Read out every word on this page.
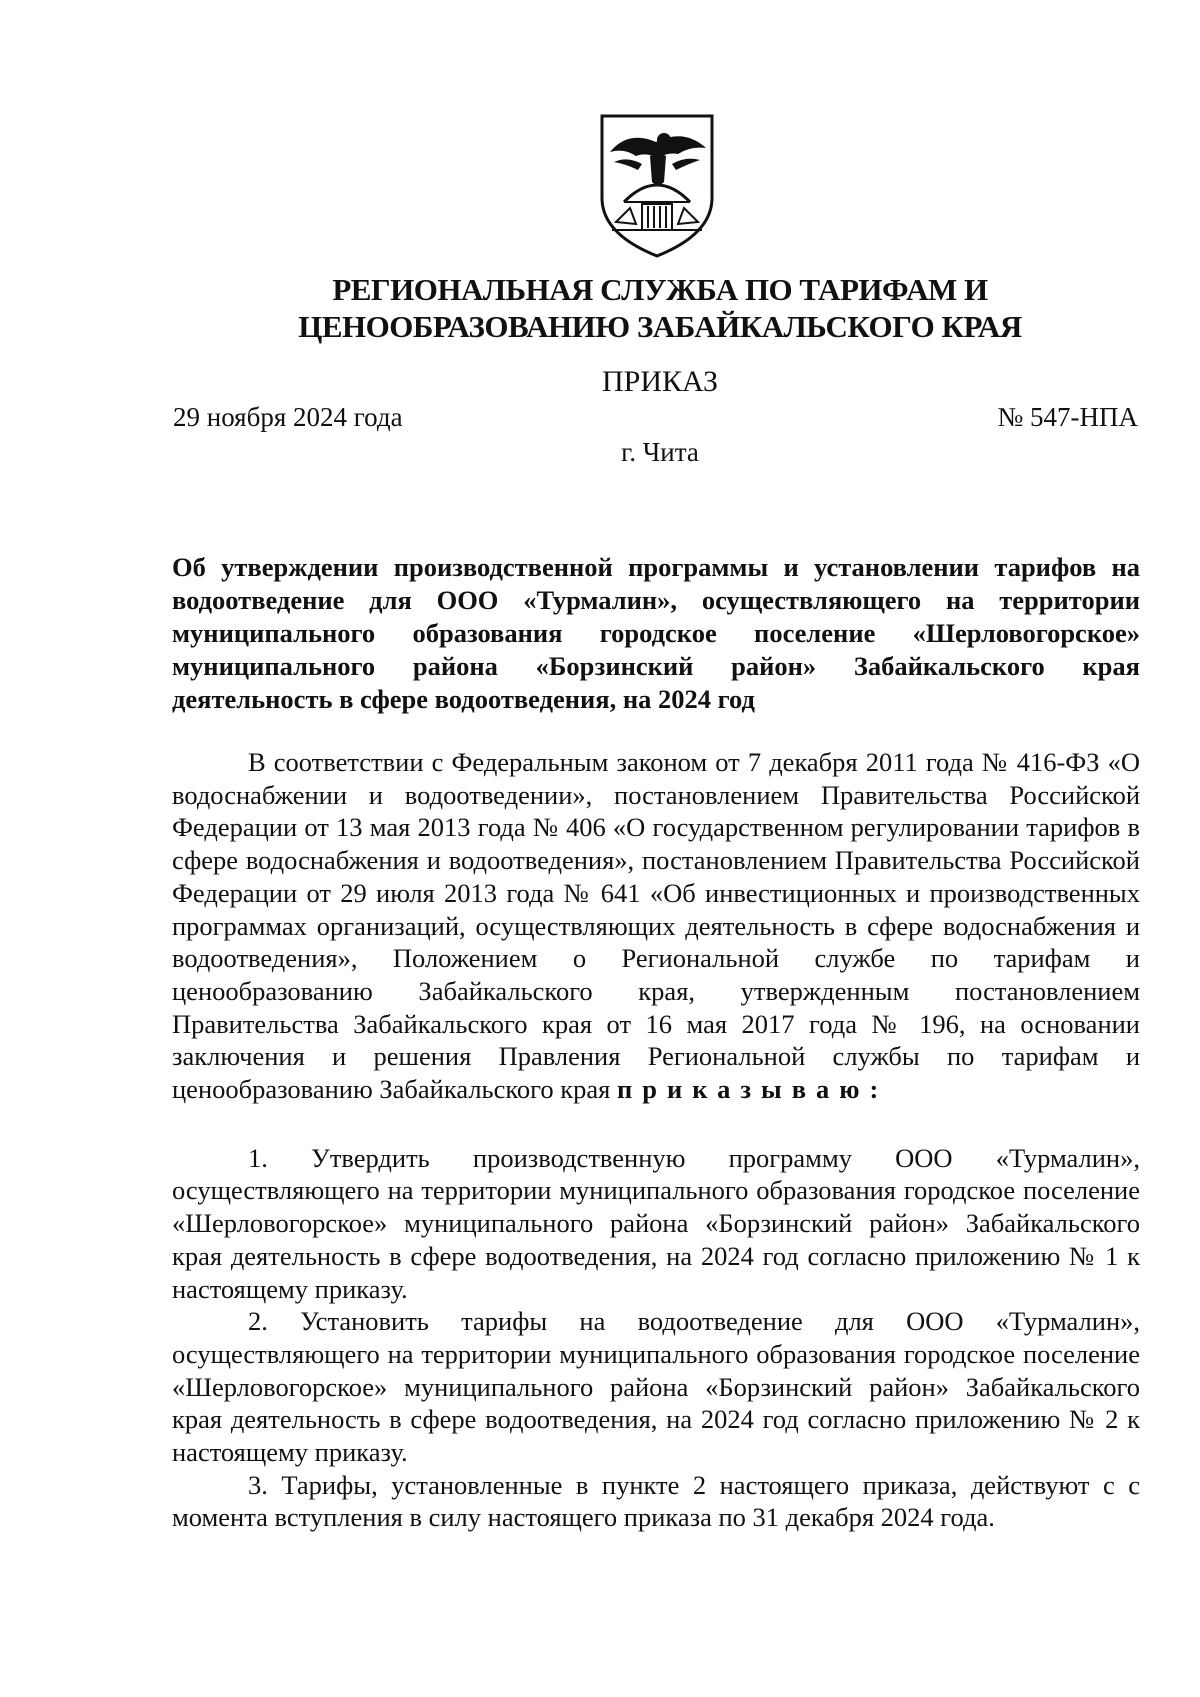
РЕГИОНАЛЬНАЯ СЛУЖБА ПО ТАРИФАМ И
ЦЕНООБРАЗОВАНИЮ ЗАБАЙКАЛЬСКОГО КРАЯ
ПРИКАЗ
29 ноября 2024 года	№ 547-НПА
г. Чита

Об утверждении производственной программы и установлении тарифов на водоотведение для ООО «Турмалин», осуществляющего на территории муниципального образования городское поселение «Шерловогорское» муниципального района «Борзинский район» Забайкальского края деятельность в сфере водоотведения, на 2024 год

В соответствии с Федеральным законом от 7 декабря 2011 года № 416-ФЗ «О водоснабжении и водоотведении», постановлением Правительства Российской Федерации от 13 мая 2013 года № 406 «О государственном регулировании тарифов в сфере водоснабжения и водоотведения», постановлением Правительства Российской Федерации от 29 июля 2013 года № 641 «Об инвестиционных и производственных программах организаций, осуществляющих деятельность в сфере водоснабжения и водоотведения», Положением о Региональной службе по тарифам и ценообразованию Забайкальского края, утвержденным постановлением Правительства Забайкальского края от 16 мая 2017 года № 196, на основании заключения и решения Правления Региональной службы по тарифам и ценообразованию Забайкальского края приказываю:

1. Утвердить производственную программу ООО «Турмалин», осуществляющего на территории муниципального образования городское поселение «Шерловогорское» муниципального района «Борзинский район» Забайкальского края деятельность в сфере водоотведения, на 2024 год согласно приложению № 1 к настоящему приказу.

2. Установить тарифы на водоотведение для ООО «Турмалин», осуществляющего на территории муниципального образования городское поселение «Шерловогорское» муниципального района «Борзинский район» Забайкальского края деятельность в сфере водоотведения, на 2024 год согласно приложению № 2 к настоящему приказу.

3. Тарифы, установленные в пункте 2 настоящего приказа, действуют с с момента вступления в силу настоящего приказа по 31 декабря 2024 года.
